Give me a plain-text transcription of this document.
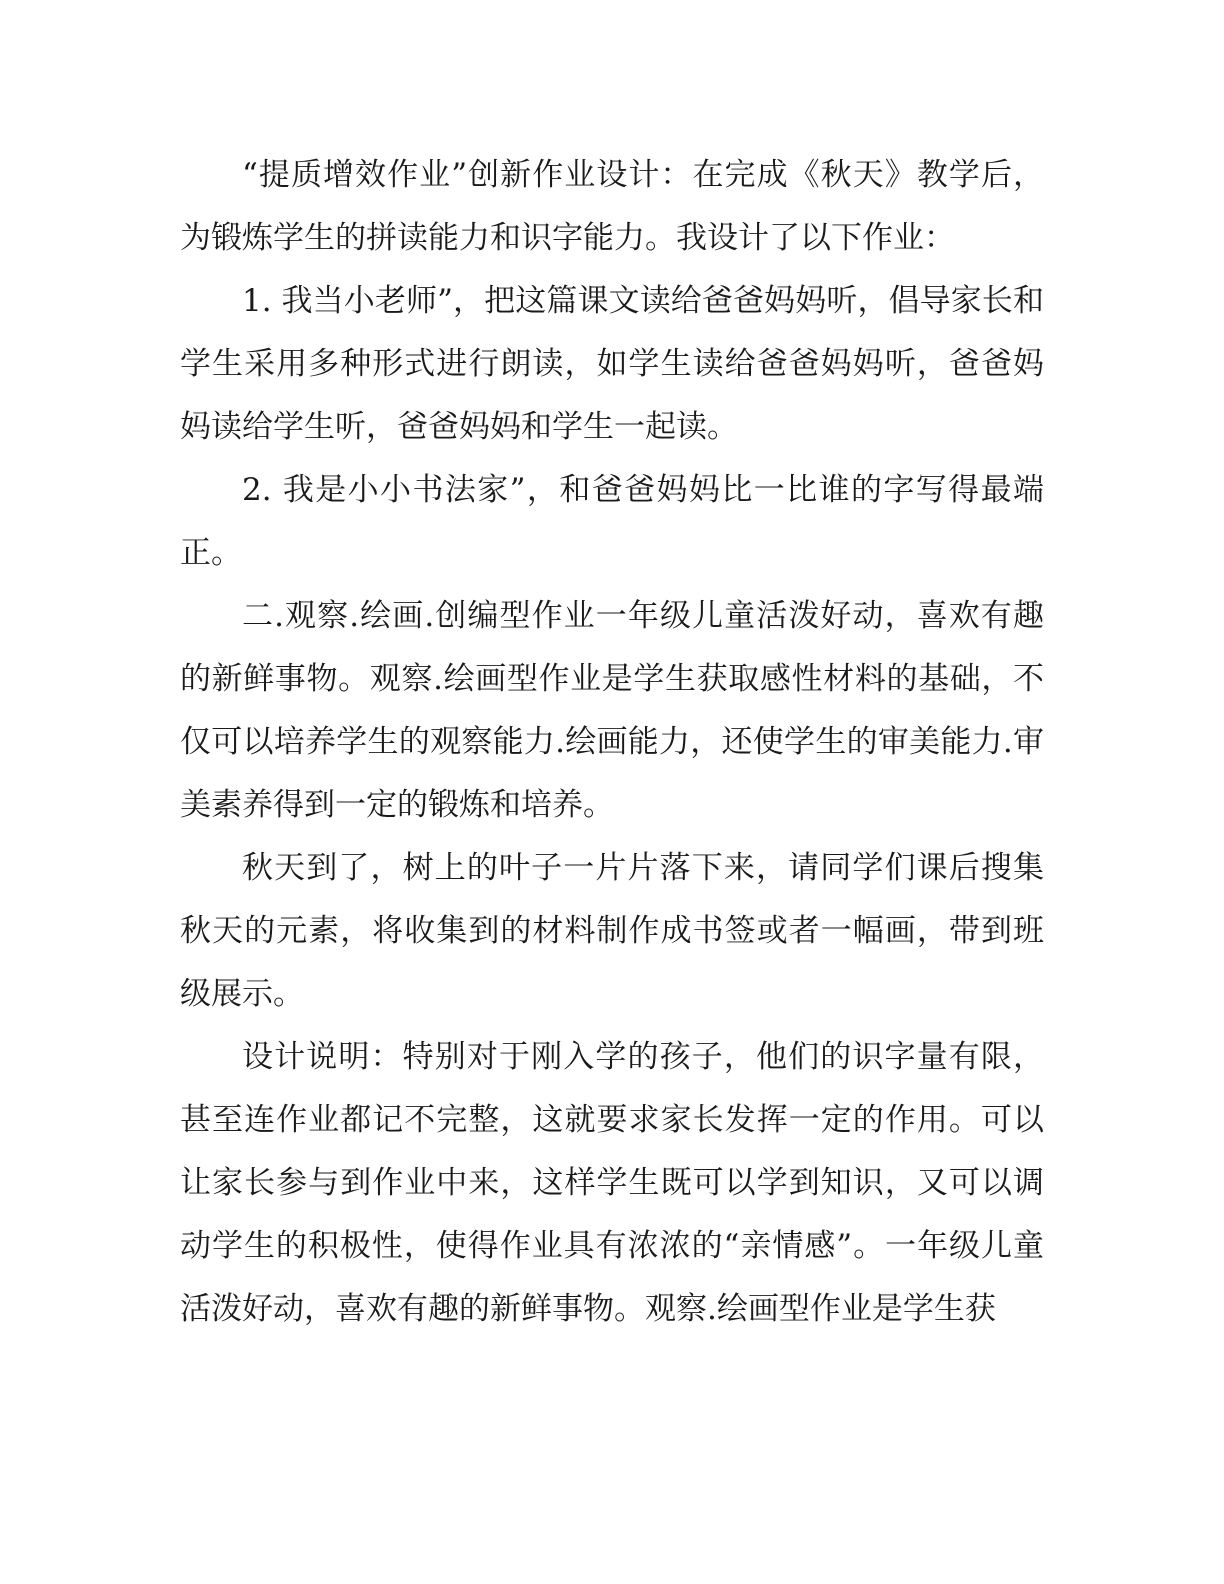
“提质增效作业”创新作业设计：在完成《秋天》教学后，为锻炼学生的拼读能力和识字能力。我设计了以下作业：

1. 我当小老师”，把这篇课文读给爸爸妈妈听，倡导家长和学生采用多种形式进行朗读，如学生读给爸爸妈妈听，爸爸妈妈读给学生听，爸爸妈妈和学生一起读。

2. 我是小小书法家”，和爸爸妈妈比一比谁的字写得最端正。

二.观察.绘画.创编型作业一年级儿童活泼好动，喜欢有趣的新鲜事物。观察.绘画型作业是学生获取感性材料的基础，不仅可以培养学生的观察能力.绘画能力，还使学生的审美能力.审美素养得到一定的锻炼和培养。

秋天到了，树上的叶子一片片落下来，请同学们课后搜集秋天的元素，将收集到的材料制作成书签或者一幅画，带到班级展示。

设计说明：特别对于刚入学的孩子，他们的识字量有限，甚至连作业都记不完整，这就要求家长发挥一定的作用。可以让家长参与到作业中来，这样学生既可以学到知识，又可以调动学生的积极性，使得作业具有浓浓的“亲情感”。一年级儿童活泼好动，喜欢有趣的新鲜事物。观察.绘画型作业是学生获
